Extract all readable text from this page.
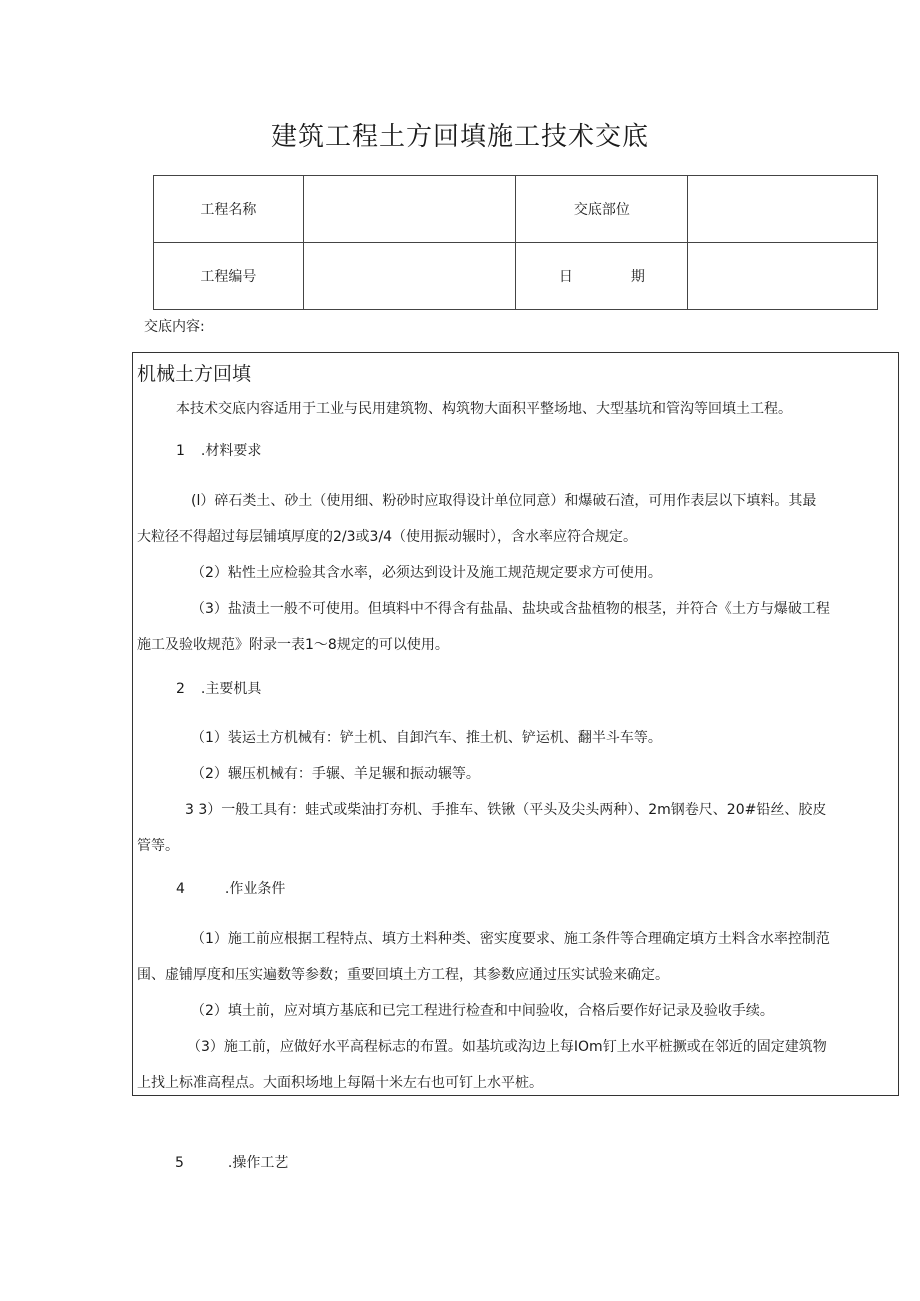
建筑工程土方回填施工技术交底
工程名称		交底部位	
工程编号		日 期	
交底内容:
机械土方回填
本技术交底内容适用于工业与民用建筑物、构筑物大面积平整场地、大型基坑和管沟等回填土工程。
1 .材料要求
(l）碎石类土、砂土（使用细、粉砂时应取得设计单位同意）和爆破石渣，可用作表层以下填料。其最
大粒径不得超过每层铺填厚度的2/3或3/4（使用振动辗时），含水率应符合规定。
（2）粘性土应检验其含水率，必须达到设计及施工规范规定要求方可使用。
（3）盐渍土一般不可使用。但填料中不得含有盐晶、盐块或含盐植物的根茎，并符合《土方与爆破工程
施工及验收规范》附录一表1～8规定的可以使用。
2 .主要机具
（1）装运土方机械有：铲土机、自卸汽车、推土机、铲运机、翻半斗车等。
（2）辗压机械有：手辗、羊足辗和振动辗等。
3 3）一般工具有：蛙式或柴油打夯机、手推车、铁锹（平头及尖头两种）、2m钢卷尺、20#铅丝、胶皮
管等。
4	.作业条件
（1）施工前应根据工程特点、填方土料种类、密实度要求、施工条件等合理确定填方土料含水率控制范
围、虚铺厚度和压实遍数等参数；重要回填土方工程，其参数应通过压实试验来确定。
（2）填土前，应对填方基底和已完工程进行检查和中间验收，合格后要作好记录及验收手续。
（3）施工前，应做好水平高程标志的布置。如基坑或沟边上每IOm钉上水平桩撅或在邻近的固定建筑物
上找上标准高程点。大面积场地上每隔十米左右也可钉上水平桩。
5	.操作工艺
